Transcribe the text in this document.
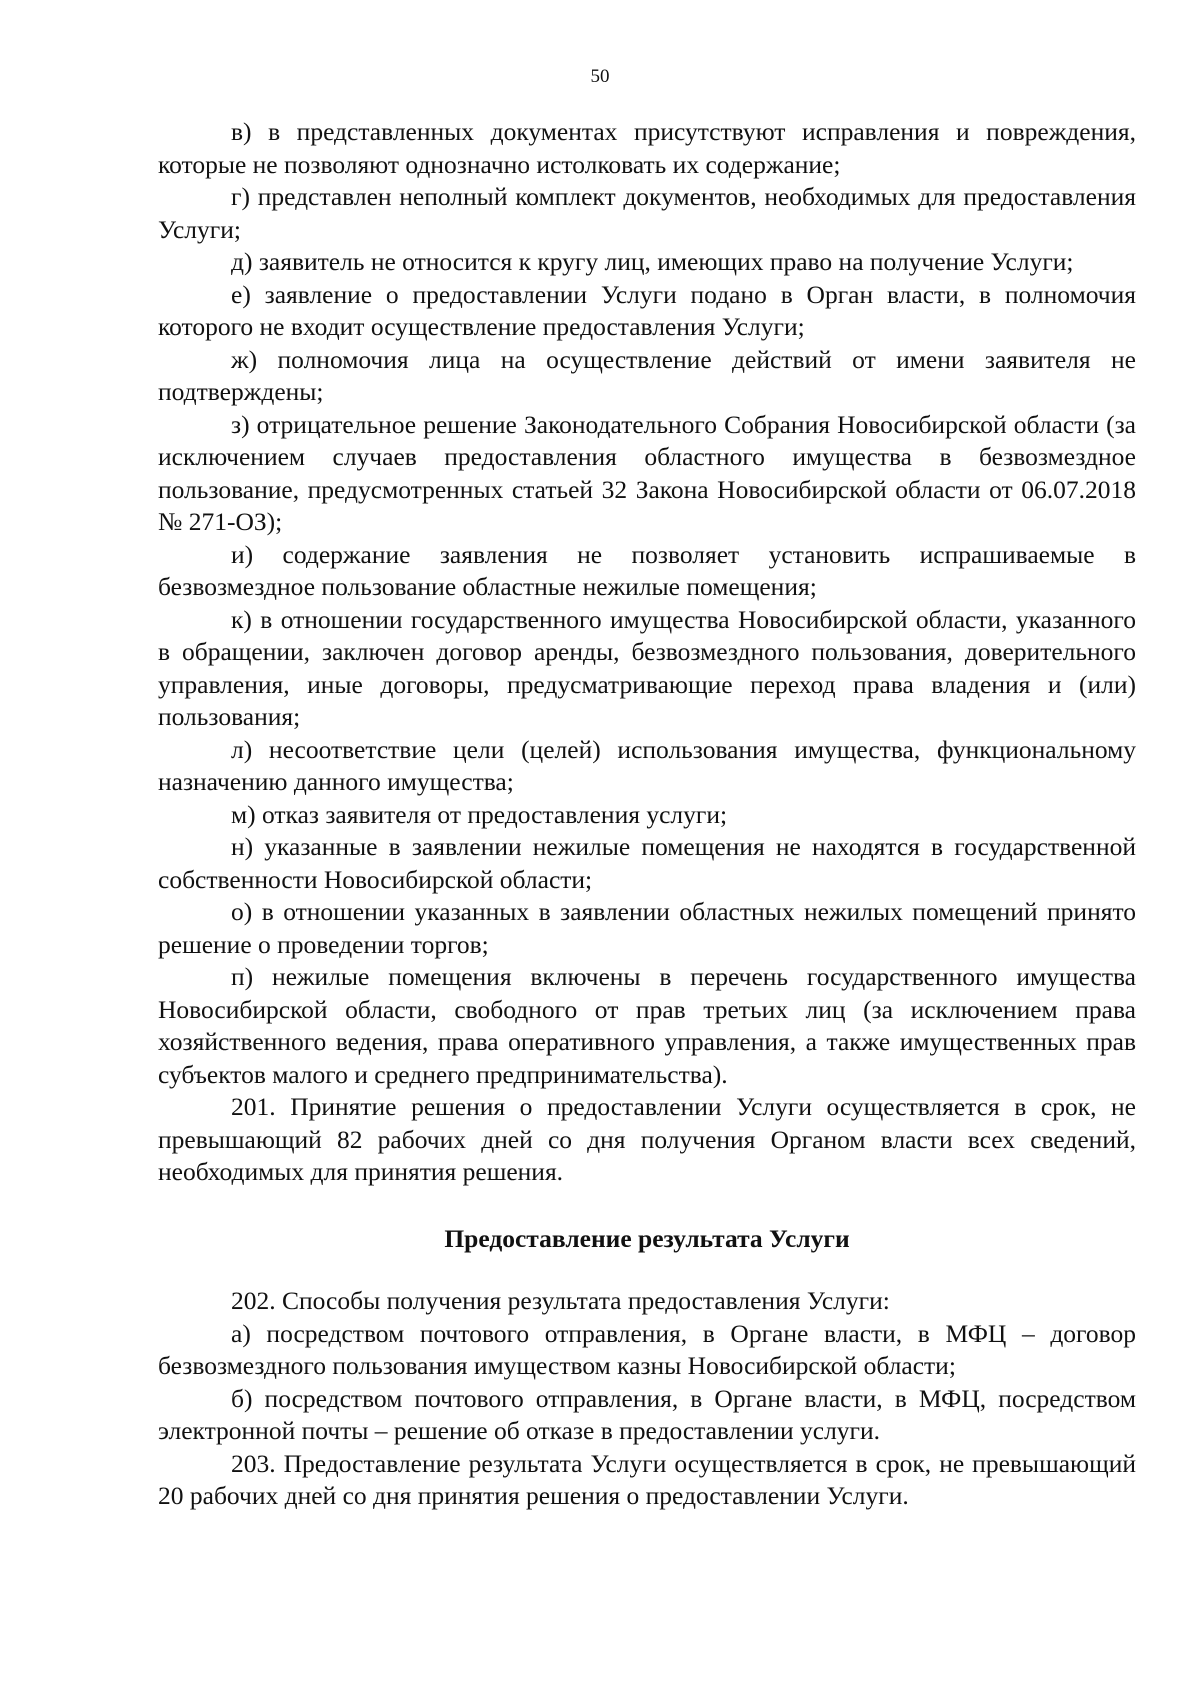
50

в) в представленных документах присутствуют исправления и повреждения, которые не позволяют однозначно истолковать их содержание;

г) представлен неполный комплект документов, необходимых для предоставления Услуги;

д) заявитель не относится к кругу лиц, имеющих право на получение Услуги;

е) заявление о предоставлении Услуги подано в Орган власти, в полномочия которого не входит осуществление предоставления Услуги;

ж) полномочия лица на осуществление действий от имени заявителя не подтверждены;

з) отрицательное решение Законодательного Собрания Новосибирской области (за исключением случаев предоставления областного имущества в безвозмездное пользование, предусмотренных статьей 32 Закона Новосибирской области от 06.07.2018 № 271-ОЗ);

и) содержание заявления не позволяет установить испрашиваемые в безвозмездное пользование областные нежилые помещения;

к) в отношении государственного имущества Новосибирской области, указанного в обращении, заключен договор аренды, безвозмездного пользования, доверительного управления, иные договоры, предусматривающие переход права владения и (или) пользования;

л) несоответствие цели (целей) использования имущества, функциональному назначению данного имущества;

м) отказ заявителя от предоставления услуги;

н) указанные в заявлении нежилые помещения не находятся в государственной собственности Новосибирской области;

о) в отношении указанных в заявлении областных нежилых помещений принято решение о проведении торгов;

п) нежилые помещения включены в перечень государственного имущества Новосибирской области, свободного от прав третьих лиц (за исключением права хозяйственного ведения, права оперативного управления, а также имущественных прав субъектов малого и среднего предпринимательства).

201. Принятие решения о предоставлении Услуги осуществляется в срок, не превышающий 82 рабочих дней со дня получения Органом власти всех сведений, необходимых для принятия решения.

Предоставление результата Услуги

202. Способы получения результата предоставления Услуги:

а) посредством почтового отправления, в Органе власти, в МФЦ – договор безвозмездного пользования имуществом казны Новосибирской области;

б) посредством почтового отправления, в Органе власти, в МФЦ, посредством электронной почты – решение об отказе в предоставлении услуги.

203. Предоставление результата Услуги осуществляется в срок, не превышающий 20 рабочих дней со дня принятия решения о предоставлении Услуги.
